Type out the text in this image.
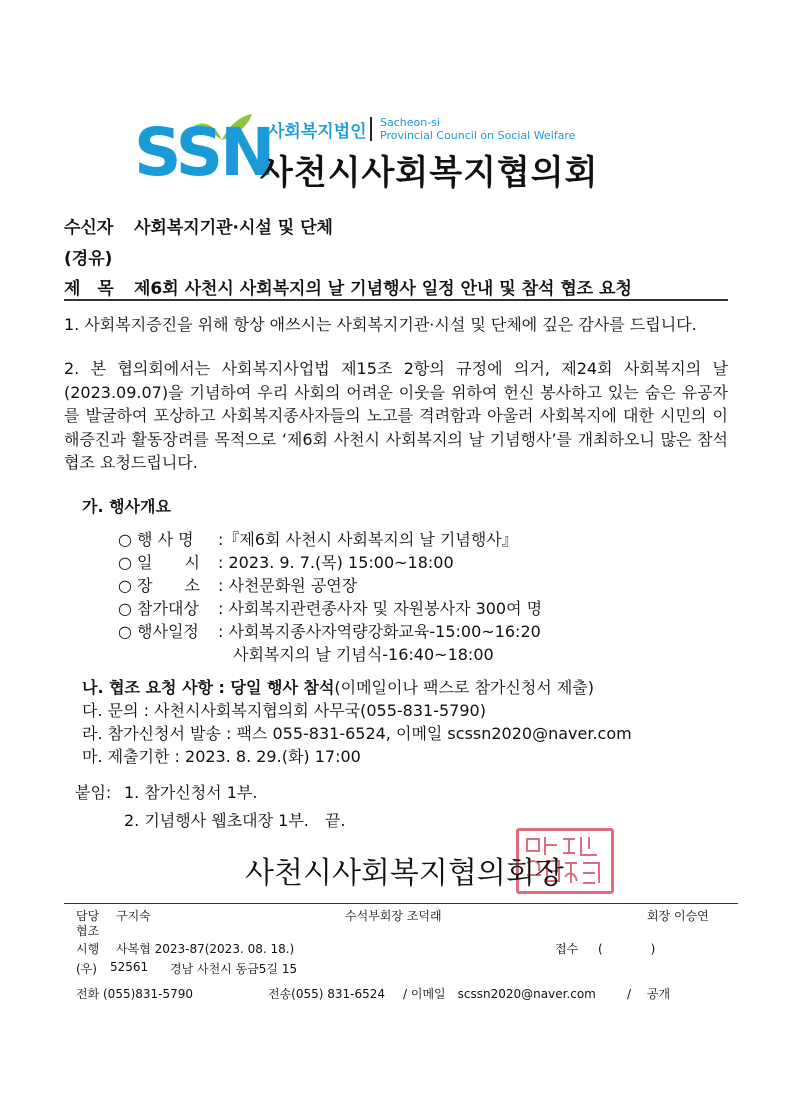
SSN
사회복지법인 Sacheon-si
Provincial Council on Social Welfare
사천시사회복지협의회
수신자 사회복지기관·시설 및 단체
(경유)
제　목 제6회 사천시 사회복지의 날 기념행사 일정 안내 및 참석 협조 요청
1. 사회복지증진을 위해 항상 애쓰시는 사회복지기관·시설 및 단체에 깊은 감사를 드립니다.
2. 본 협의회에서는 사회복지사업법 제15조 2항의 규정에 의거, 제24회 사회복지의 날(2023.09.07)을 기념하여 우리 사회의 어려운 이웃을 위하여 헌신 봉사하고 있는 숨은 유공자를 발굴하여 포상하고 사회복지종사자들의 노고를 격려함과 아울러 사회복지에 대한 시민의 이해증진과 활동장려를 목적으로 ‘제6회 사천시 사회복지의 날 기념행사’를 개최하오니 많은 참석 협조 요청드립니다.
가. 행사개요
○ 행 사 명 :『제6회 사천시 사회복지의 날 기념행사』
○ 일　　시 : 2023. 9. 7.(목) 15:00~18:00
○ 장　　소 : 사천문화원 공연장
○ 참가대상 : 사회복지관련종사자 및 자원봉사자 300여 명
○ 행사일정 : 사회복지종사자역량강화교육-15:00~16:20
사회복지의 날 기념식-16:40~18:00
나. 협조 요청 사항 : 당일 행사 참석(이메일이나 팩스로 참가신청서 제출)
다. 문의 : 사천시사회복지협의회 사무국(055-831-5790)
라. 참가신청서 발송 : 팩스 055-831-6524, 이메일 scssn2020@naver.com
마. 제출기한 : 2023. 8. 29.(화) 17:00
붙임: 1. 참가신청서 1부.
2. 기념행사 웹초대장 1부.　끝.
사천시사회복지협의회장
담당 구지숙	수석부회장 조덕래	회장 이승연
협조
시행 사복협 2023-87(2023. 08. 18.)	접수 (　　　　)
(우) 52561 경남 사천시 동금5길 15
전화 (055)831-5790	전송(055) 831-6524 / 이메일　scssn2020@naver.com	/　 공개
